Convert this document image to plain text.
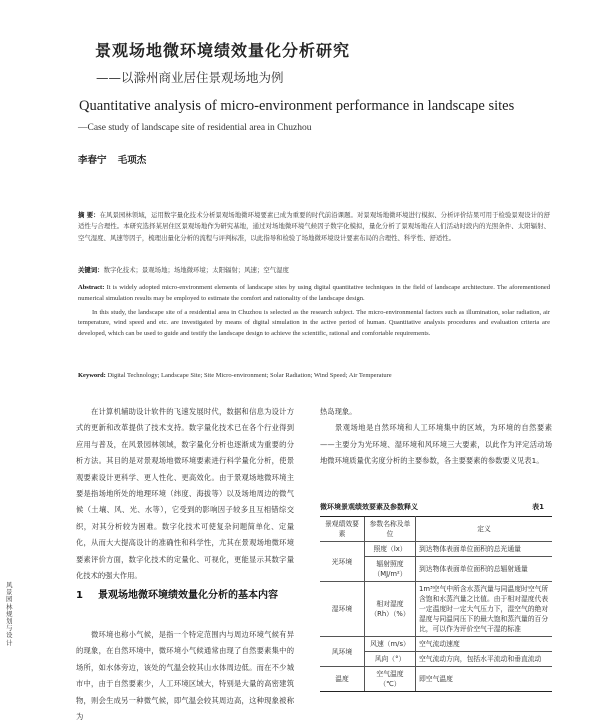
景观场地微环境绩效量化分析研究
——以滁州商业居住景观场地为例
Quantitative analysis of micro-environment performance in landscape sites
—Case study of landscape site of residential area in Chuzhou
李春宁 毛项杰
摘 要：在风景园林领域，运用数字量化技术分析景观场地微环境要素已成为重要的时代前沿课题。对景观场地微环境进行模拟、分析评价结果可用于检验景观设计的舒适性与合理性。本研究选择某居住区景观场地作为研究基地，通过对场地微环境气候因子数字化模拟，量化分析了景观场地在人们活动时段内的光照条件、太阳辐射、空气湿度、风速等因子，梳理出量化分析的流程与评判标准，以此指导和检验了场地微环境设计要素布局的合理性、科学性、舒适性。
关键词：数字化技术；景观场地；场地微环境；太阳辐射；风速；空气湿度

Abstract: It is widely adopted micro-environment elements of landscape sites by using digital quantitative techniques in the field of landscape architecture. The aforementioned numerical simulation results may be employed to estimate the comfort and rationality of the landscape design.

In this study, the landscape site of a residential area in Chuzhou is selected as the research subject. The micro-environmental factors such as illumination, solar radiation, air temperature, wind speed and etc. are investigated by means of digital simulation in the active period of human. Quantitative analysis procedures and evaluation criteria are developed, which can be used to guide and testify the landscape design to achieve the scientific, rational and comfortable requirements.

Keyword: Digital Technology; Landscape Site; Site Micro-environment; Solar Radiation; Wind Speed; Air Temperature

在计算机辅助设计软件的飞速发展时代，数据和信息为设计方式的更新和改革提供了技术支持。数字量化技术已在各个行业得到应用与普及，在风景园林领域，数字量化分析也逐渐成为重要的分析方法。其目的是对景观场地微环境要素进行科学量化分析，使景观要素设计更科学、更人性化、更高效化。由于景观场地微环境主要是指场地所处的地理环境（纬度、海拔等）以及场地周边的微气候（土壤、风、光、水等），它受到的影响因子较多且互相错综交织，对其分析较为困难。数字化技术可使复杂问题简单化、定量化，从而大大提高设计的准确性和科学性，尤其在景观场地微环境要素评价方面，数字化技术的定量化、可视化，更能显示其数字量化技术的强大作用。

1 景观场地微环境绩效量化分析的基本内容

微环境也称小气候，是指一个特定范围内与周边环境气候有异的现象，在自然环境中，微环境小气候通常由现了自然要素集中的场所，如水体旁边，该处的气温会较其山水体周边低。而在不少城市中，由于自然要素少，人工环境区域大，特别是大量的高密建筑物，则会生成另一种微气候，即气温会较其周边高，这种现象被称为

热岛现象。

景观场地是自然环境和人工环境集中的区域，为环境的自然要素——主要分为光环境、湿环境和风环境三大要素，以此作为评定活动场地微环境质量优劣度分析的主要参数，各主要要素的参数要义见表1。

微环境景观绩效要素及参数释义	表1
景观绩效要素	参数名称及单位	定义
光环境	照度（lx）	到达物体表面单位面积的总光通量
	辐射照度（MJ/m²）	到达物体表面单位面积的总辐射通量
湿环境	相对湿度（Rh）（%）	1m³空气中所含水蒸汽量与同温度时空气所含饱和水蒸汽量之比值。由于相对湿度代表一定温度时一定大气压力下，湿空气的绝对湿度与同温同压下的最大饱和蒸汽量的百分比，可以作为评价空气干湿的标准
风环境	风速（m/s）	空气流动速度
	风向（°）	空气流动方向，包括水平流动和垂直流动
温度	空气温度（℃）	即空气温度
风景园林规划与设计
